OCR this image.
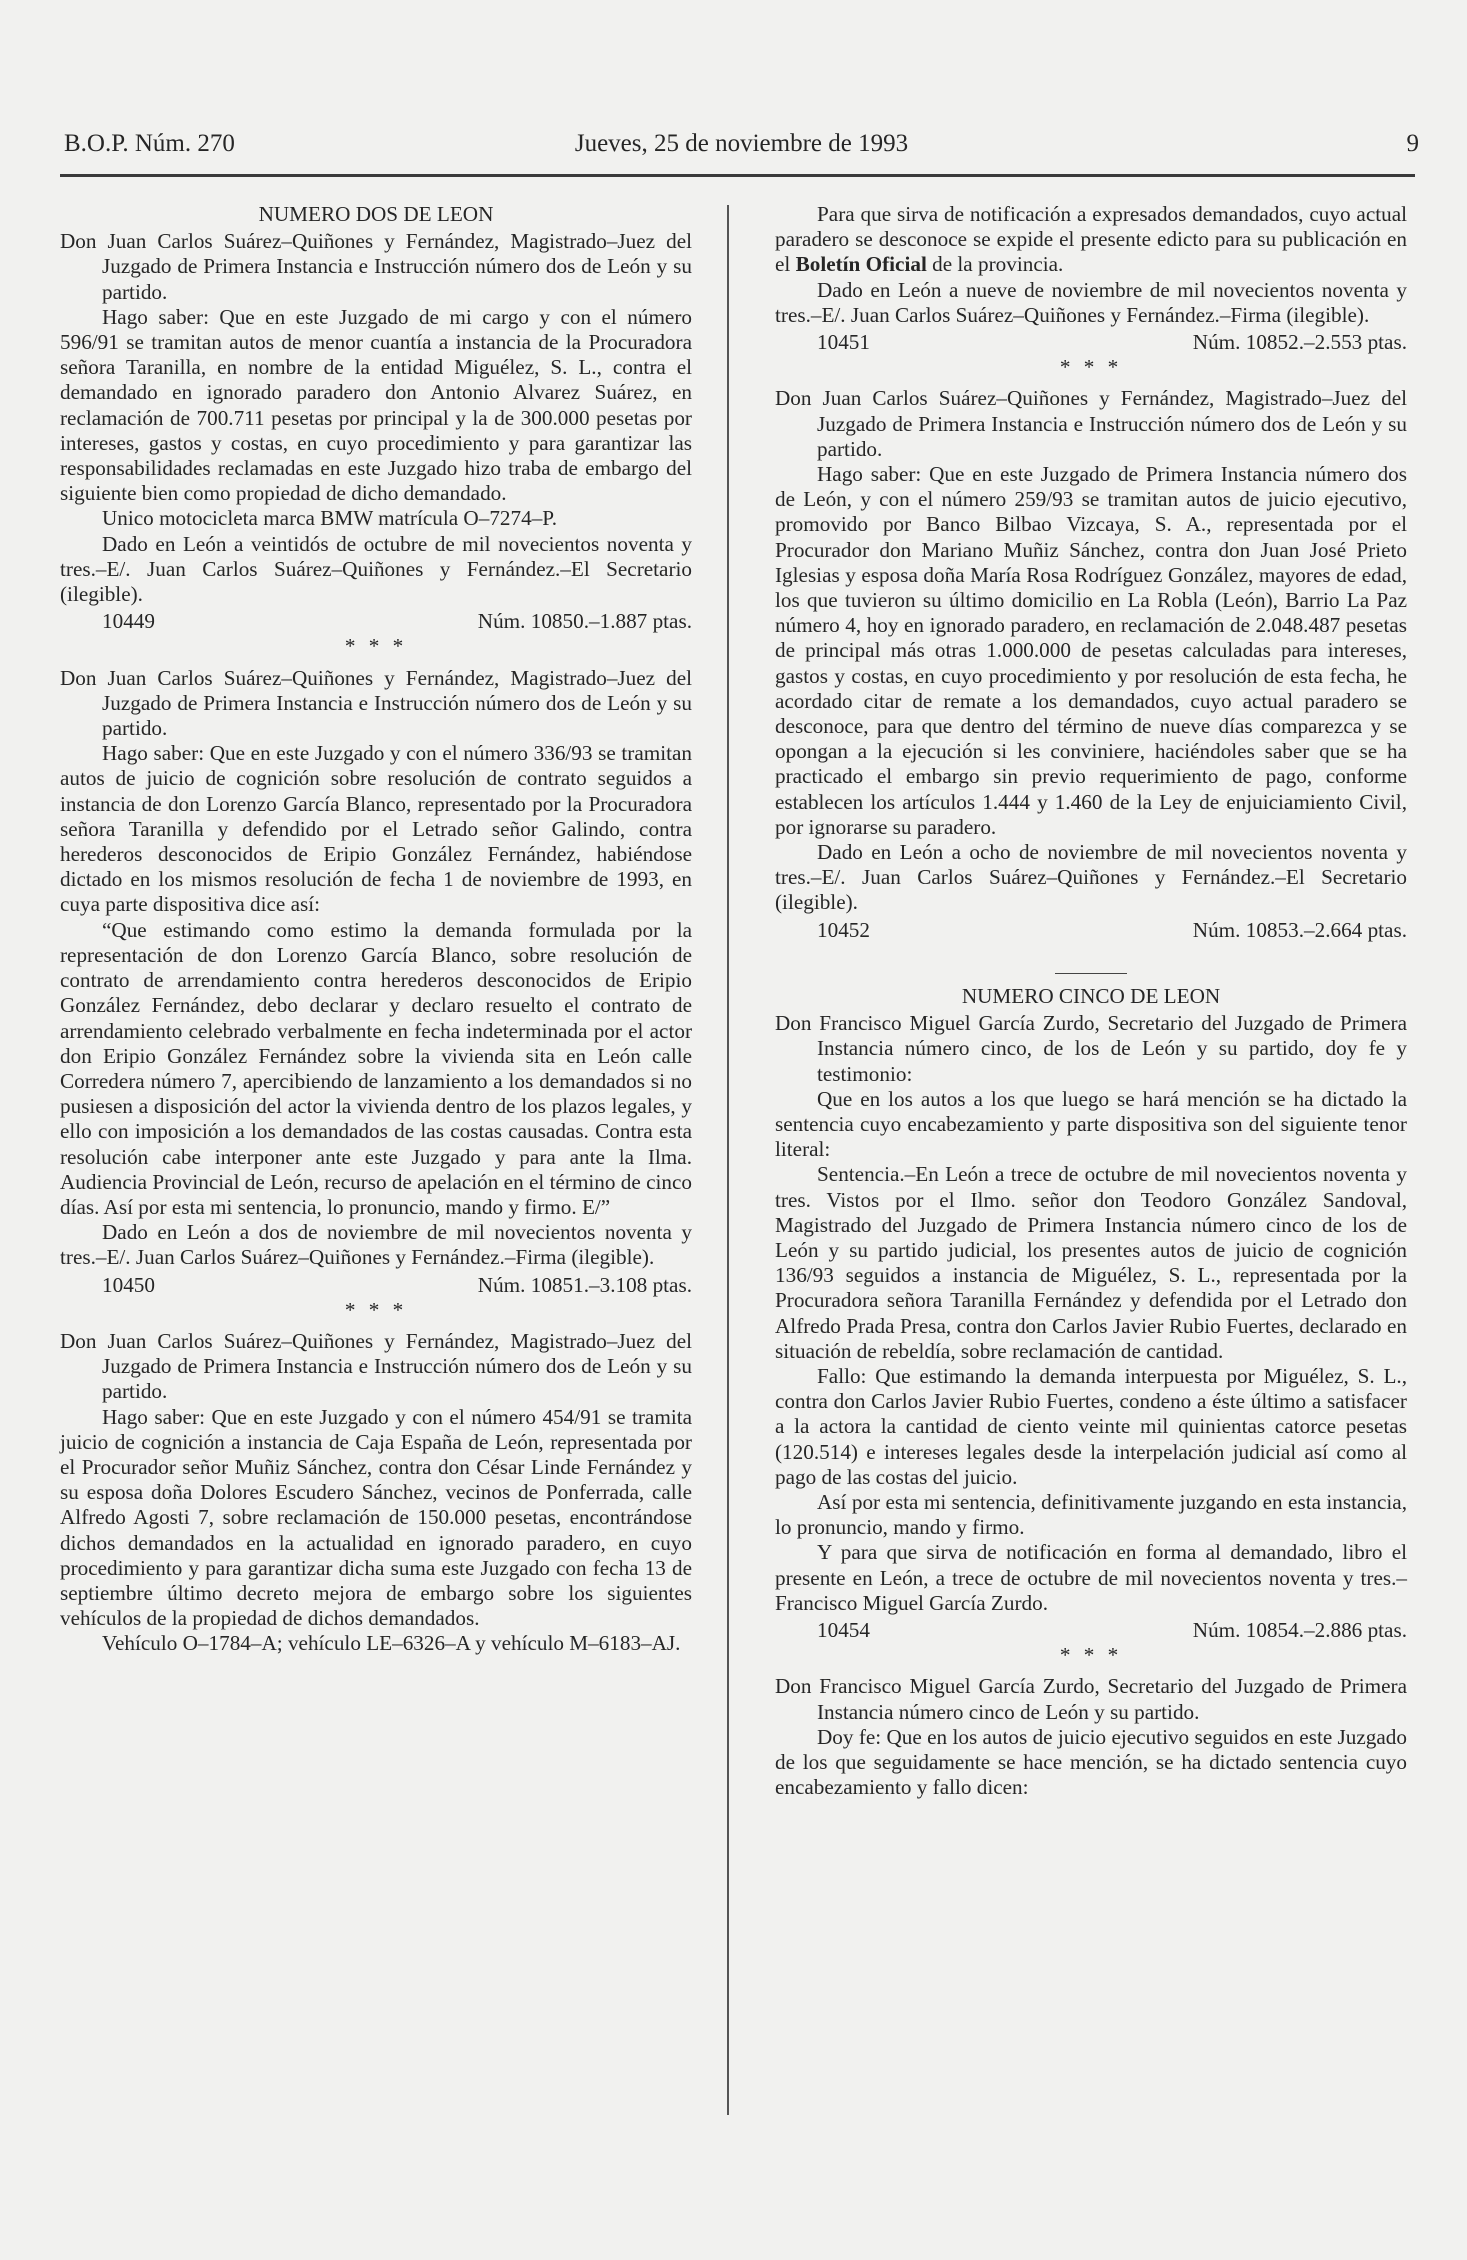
B.O.P. Núm. 270	Jueves, 25 de noviembre de 1993	9

NUMERO DOS DE LEON

Don Juan Carlos Suárez–Quiñones y Fernández, Magistrado–Juez del Juzgado de Primera Instancia e Instrucción número dos de León y su partido.

Hago saber: Que en este Juzgado de mi cargo y con el número 596/91 se tramitan autos de menor cuantía a instancia de la Procuradora señora Taranilla, en nombre de la entidad Miguélez, S. L., contra el demandado en ignorado paradero don Antonio Alvarez Suárez, en reclamación de 700.711 pesetas por principal y la de 300.000 pesetas por intereses, gastos y costas, en cuyo procedimiento y para garantizar las responsabilidades reclamadas en este Juzgado hizo traba de embargo del siguiente bien como propiedad de dicho demandado.

Unico motocicleta marca BMW matrícula O–7274–P.

Dado en León a veintidós de octubre de mil novecientos noventa y tres.–E/. Juan Carlos Suárez–Quiñones y Fernández.–El Secretario (ilegible).

10449	Núm. 10850.–1.887 ptas.

* * *

Don Juan Carlos Suárez–Quiñones y Fernández, Magistrado–Juez del Juzgado de Primera Instancia e Instrucción número dos de León y su partido.

Hago saber: Que en este Juzgado y con el número 336/93 se tramitan autos de juicio de cognición sobre resolución de contrato seguidos a instancia de don Lorenzo García Blanco, representado por la Procuradora señora Taranilla y defendido por el Letrado señor Galindo, contra herederos desconocidos de Eripio González Fernández, habiéndose dictado en los mismos resolución de fecha 1 de noviembre de 1993, en cuya parte dispositiva dice así:

“Que estimando como estimo la demanda formulada por la representación de don Lorenzo García Blanco, sobre resolución de contrato de arrendamiento contra herederos desconocidos de Eripio González Fernández, debo declarar y declaro resuelto el contrato de arrendamiento celebrado verbalmente en fecha indeterminada por el actor don Eripio González Fernández sobre la vivienda sita en León calle Corredera número 7, apercibiendo de lanzamiento a los demandados si no pusiesen a disposición del actor la vivienda dentro de los plazos legales, y ello con imposición a los demandados de las costas causadas. Contra esta resolución cabe interponer ante este Juzgado y para ante la Ilma. Audiencia Provincial de León, recurso de apelación en el término de cinco días. Así por esta mi sentencia, lo pronuncio, mando y firmo. E/”

Dado en León a dos de noviembre de mil novecientos noventa y tres.–E/. Juan Carlos Suárez–Quiñones y Fernández.–Firma (ilegible).

10450	Núm. 10851.–3.108 ptas.

* * *

Don Juan Carlos Suárez–Quiñones y Fernández, Magistrado–Juez del Juzgado de Primera Instancia e Instrucción número dos de León y su partido.

Hago saber: Que en este Juzgado y con el número 454/91 se tramita juicio de cognición a instancia de Caja España de León, representada por el Procurador señor Muñiz Sánchez, contra don César Linde Fernández y su esposa doña Dolores Escudero Sánchez, vecinos de Ponferrada, calle Alfredo Agosti 7, sobre reclamación de 150.000 pesetas, encontrándose dichos demandados en la actualidad en ignorado paradero, en cuyo procedimiento y para garantizar dicha suma este Juzgado con fecha 13 de septiembre último decreto mejora de embargo sobre los siguientes vehículos de la propiedad de dichos demandados.

Vehículo O–1784–A; vehículo LE–6326–A y vehículo M–6183–AJ.

Para que sirva de notificación a expresados demandados, cuyo actual paradero se desconoce se expide el presente edicto para su publicación en el Boletín Oficial de la provincia.

Dado en León a nueve de noviembre de mil novecientos noventa y tres.–E/. Juan Carlos Suárez–Quiñones y Fernández.–Firma (ilegible).

10451	Núm. 10852.–2.553 ptas.

* * *

Don Juan Carlos Suárez–Quiñones y Fernández, Magistrado–Juez del Juzgado de Primera Instancia e Instrucción número dos de León y su partido.

Hago saber: Que en este Juzgado de Primera Instancia número dos de León, y con el número 259/93 se tramitan autos de juicio ejecutivo, promovido por Banco Bilbao Vizcaya, S. A., representada por el Procurador don Mariano Muñiz Sánchez, contra don Juan José Prieto Iglesias y esposa doña María Rosa Rodríguez González, mayores de edad, los que tuvieron su último domicilio en La Robla (León), Barrio La Paz número 4, hoy en ignorado paradero, en reclamación de 2.048.487 pesetas de principal más otras 1.000.000 de pesetas calculadas para intereses, gastos y costas, en cuyo procedimiento y por resolución de esta fecha, he acordado citar de remate a los demandados, cuyo actual paradero se desconoce, para que dentro del término de nueve días comparezca y se opongan a la ejecución si les conviniere, haciéndoles saber que se ha practicado el embargo sin previo requerimiento de pago, conforme establecen los artículos 1.444 y 1.460 de la Ley de enjuiciamiento Civil, por ignorarse su paradero.

Dado en León a ocho de noviembre de mil novecientos noventa y tres.–E/. Juan Carlos Suárez–Quiñones y Fernández.–El Secretario (ilegible).

10452	Núm. 10853.–2.664 ptas.

NUMERO CINCO DE LEON

Don Francisco Miguel García Zurdo, Secretario del Juzgado de Primera Instancia número cinco, de los de León y su partido, doy fe y testimonio:

Que en los autos a los que luego se hará mención se ha dictado la sentencia cuyo encabezamiento y parte dispositiva son del siguiente tenor literal:

Sentencia.–En León a trece de octubre de mil novecientos noventa y tres. Vistos por el Ilmo. señor don Teodoro González Sandoval, Magistrado del Juzgado de Primera Instancia número cinco de los de León y su partido judicial, los presentes autos de juicio de cognición 136/93 seguidos a instancia de Miguélez, S. L., representada por la Procuradora señora Taranilla Fernández y defendida por el Letrado don Alfredo Prada Presa, contra don Carlos Javier Rubio Fuertes, declarado en situación de rebeldía, sobre reclamación de cantidad.

Fallo: Que estimando la demanda interpuesta por Miguélez, S. L., contra don Carlos Javier Rubio Fuertes, condeno a éste último a satisfacer a la actora la cantidad de ciento veinte mil quinientas catorce pesetas (120.514) e intereses legales desde la interpelación judicial así como al pago de las costas del juicio.

Así por esta mi sentencia, definitivamente juzgando en esta instancia, lo pronuncio, mando y firmo.

Y para que sirva de notificación en forma al demandado, libro el presente en León, a trece de octubre de mil novecientos noventa y tres.–Francisco Miguel García Zurdo.

10454	Núm. 10854.–2.886 ptas.

* * *

Don Francisco Miguel García Zurdo, Secretario del Juzgado de Primera Instancia número cinco de León y su partido.

Doy fe: Que en los autos de juicio ejecutivo seguidos en este Juzgado de los que seguidamente se hace mención, se ha dictado sentencia cuyo encabezamiento y fallo dicen:
